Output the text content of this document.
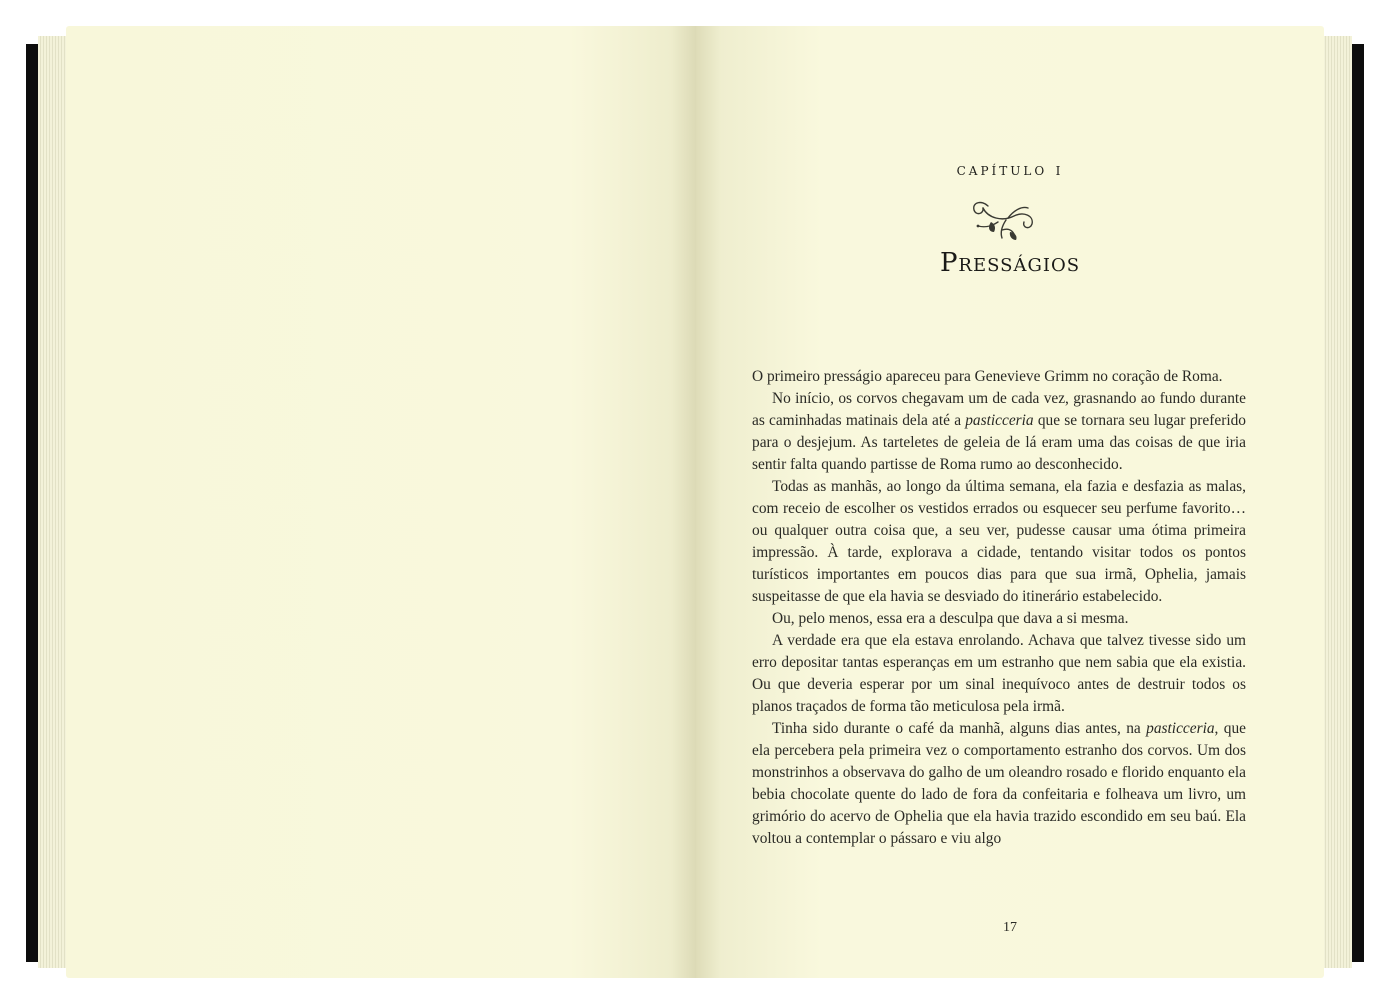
capítulo i
Presságios

O primeiro presságio apareceu para Genevieve Grimm no coração de Roma.

No início, os corvos chegavam um de cada vez, grasnando ao fundo durante as caminhadas matinais dela até a pasticceria que se tornara seu lugar preferido para o desjejum. As tarteletes de geleia de lá eram uma das coisas de que iria sentir falta quando partisse de Roma rumo ao desconhecido.

Todas as manhãs, ao longo da última semana, ela fazia e desfazia as malas, com receio de escolher os vestidos errados ou esquecer seu perfume favorito… ou qualquer outra coisa que, a seu ver, pudesse causar uma ótima primeira impressão. À tarde, explorava a cidade, tentando visitar todos os pontos turísticos importantes em poucos dias para que sua irmã, Ophelia, jamais suspeitasse de que ela havia se desviado do itinerário estabelecido.

Ou, pelo menos, essa era a desculpa que dava a si mesma.

A verdade era que ela estava enrolando. Achava que talvez tivesse sido um erro depositar tantas esperanças em um estranho que nem sabia que ela existia. Ou que deveria esperar por um sinal inequívoco antes de destruir todos os planos traçados de forma tão meticulosa pela irmã.

Tinha sido durante o café da manhã, alguns dias antes, na pasticceria, que ela percebera pela primeira vez o comportamento estranho dos corvos. Um dos monstrinhos a observava do galho de um oleandro rosado e florido enquanto ela bebia chocolate quente do lado de fora da confeitaria e folheava um livro, um grimório do acervo de Ophelia que ela havia trazido escondido em seu baú. Ela voltou a contemplar o pássaro e viu algo

17
